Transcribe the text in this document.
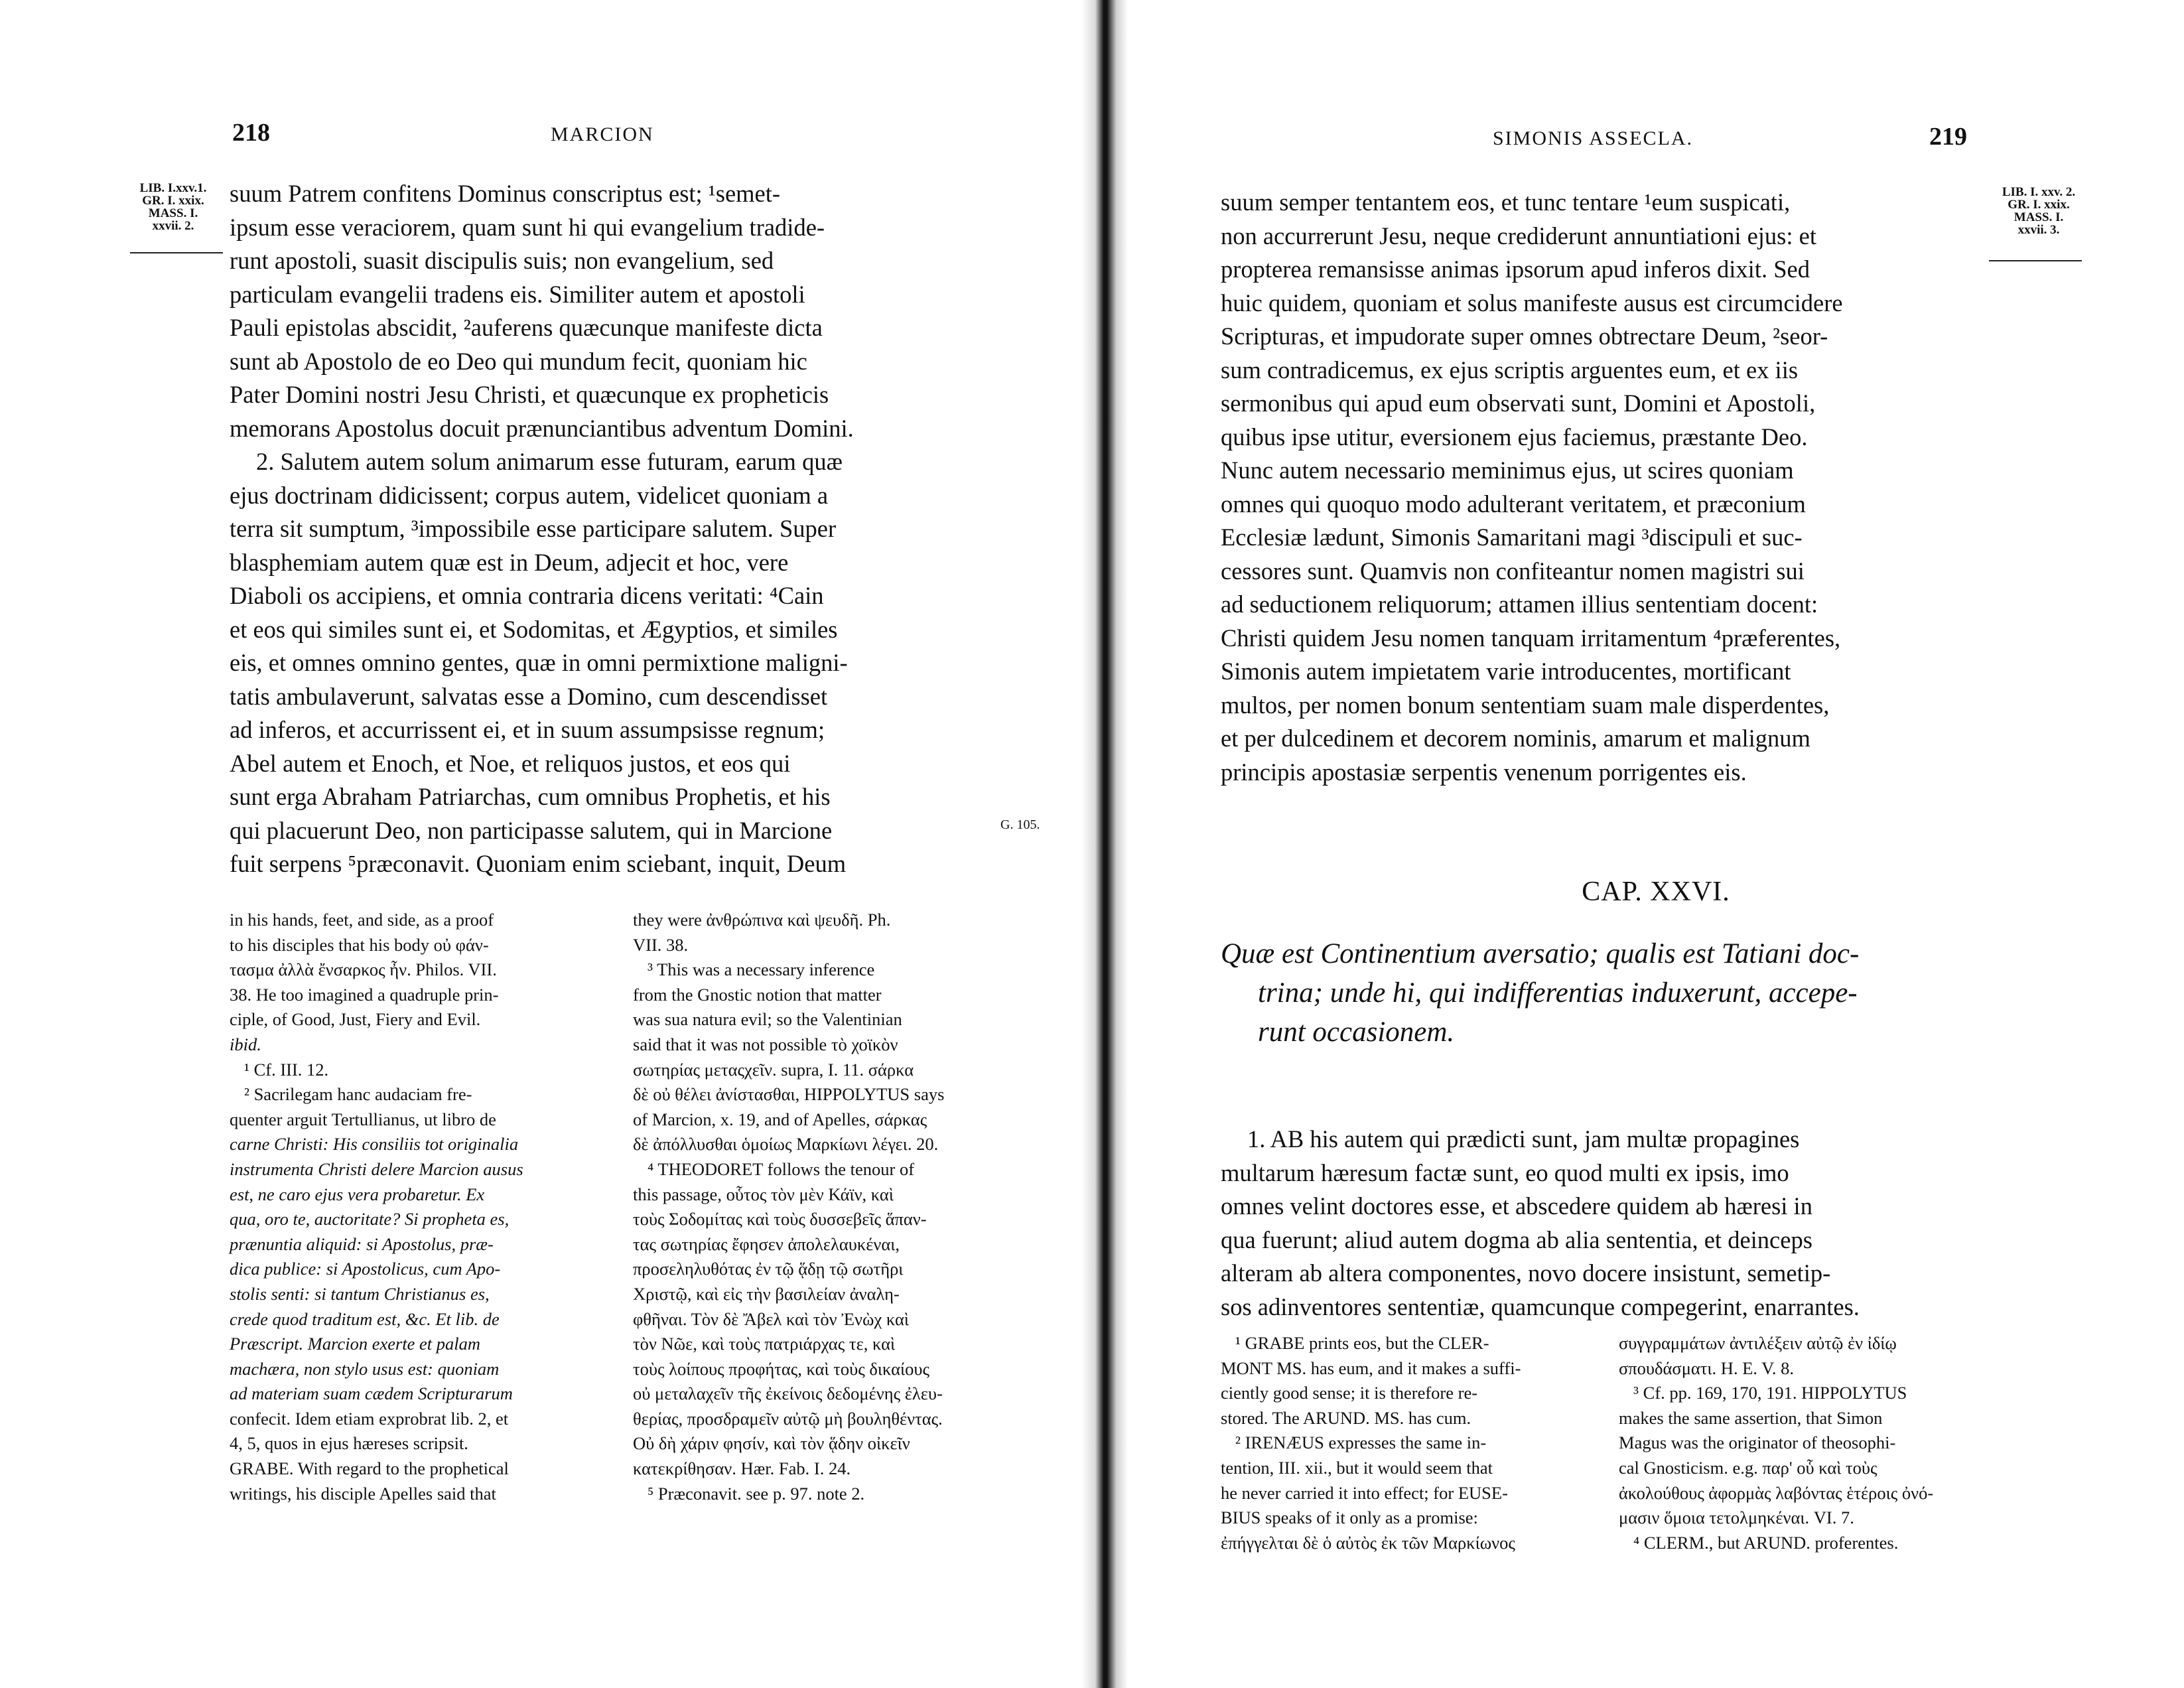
218	MARCION
LIB. I.xxv.1.
GR. I. xxix.
MASS. I.
xxvii. 2.

suum Patrem confitens Dominus conscriptus est; ¹semet-

ipsum esse veraciorem, quam sunt hi qui evangelium tradide-

runt apostoli, suasit discipulis suis; non evangelium, sed

particulam evangelii tradens eis. Similiter autem et apostoli

Pauli epistolas abscidit, ²auferens quæcunque manifeste dicta

sunt ab Apostolo de eo Deo qui mundum fecit, quoniam hic

Pater Domini nostri Jesu Christi, et quæcunque ex propheticis

memorans Apostolus docuit prænunciantibus adventum Domini.

2. Salutem autem solum animarum esse futuram, earum quæ

ejus doctrinam didicissent; corpus autem, videlicet quoniam a

terra sit sumptum, ³impossibile esse participare salutem. Super

blasphemiam autem quæ est in Deum, adjecit et hoc, vere

Diaboli os accipiens, et omnia contraria dicens veritati: ⁴Cain

et eos qui similes sunt ei, et Sodomitas, et Ægyptios, et similes

eis, et omnes omnino gentes, quæ in omni permixtione maligni-

tatis ambulaverunt, salvatas esse a Domino, cum descendisset

ad inferos, et accurrissent ei, et in suum assumpsisse regnum;

Abel autem et Enoch, et Noe, et reliquos justos, et eos qui

sunt erga Abraham Patriarchas, cum omnibus Prophetis, et his

qui placuerunt Deo, non participasse salutem, qui in Marcione

fuit serpens ⁵præconavit. Quoniam enim sciebant, inquit, Deum

G. 105.

in his hands, feet, and side, as a proof

to his disciples that his body οὐ φάν-

τασμα ἀλλὰ ἔνσαρκος ἦν. Philos. VII.

38. He too imagined a quadruple prin-

ciple, of Good, Just, Fiery and Evil.

ibid.

¹ Cf. III. 12.

² Sacrilegam hanc audaciam fre-

quenter arguit Tertullianus, ut libro de

carne Christi: His consiliis tot originalia

instrumenta Christi delere Marcion ausus

est, ne caro ejus vera probaretur. Ex

qua, oro te, auctoritate? Si propheta es,

prænuntia aliquid: si Apostolus, præ-

dica publice: si Apostolicus, cum Apo-

stolis senti: si tantum Christianus es,

crede quod traditum est, &c. Et lib. de

Præscript. Marcion exerte et palam

machæra, non stylo usus est: quoniam

ad materiam suam cædem Scripturarum

confecit. Idem etiam exprobrat lib. 2, et

4, 5, quos in ejus hæreses scripsit.

GRABE. With regard to the prophetical

writings, his disciple Apelles said that

they were ἀνθρώπινα καὶ ψευδῆ. Ph.

VII. 38.

³ This was a necessary inference

from the Gnostic notion that matter

was sua natura evil; so the Valentinian

said that it was not possible τὸ χοϊκὸν

σωτηρίας μεταςχεῖν. supra, I. 11. σάρκα

δὲ οὐ θέλει ἀνίστασθαι, HIPPOLYTUS says

of Marcion, x. 19, and of Apelles, σάρκας

δὲ ἀπόλλυσθαι ὁμοίως Μαρκίωνι λέγει. 20.

⁴ THEODORET follows the tenour of

this passage, οὗτος τὸν μὲν Κάϊν, καὶ

τοὺς Σοδομίτας καὶ τοὺς δυσσεβεῖς ἅπαν-

τας σωτηρίας ἔφησεν ἀπολελαυκέναι,

προσεληλυθότας ἐν τῷ ᾅδῃ τῷ σωτῆρι

Χριστῷ, καὶ εἰς τὴν βασιλείαν ἀναλη-

φθῆναι. Τὸν δὲ Ἄβελ καὶ τὸν Ἐνὼχ καὶ

τὸν Νῶε, καὶ τοὺς πατριάρχας τε, καὶ

τοὺς λοίπους προφήτας, καὶ τοὺς δικαίους

οὐ μεταλαχεῖν τῆς ἐκείνοις δεδομένης ἐλευ-

θερίας, προσδραμεῖν αὐτῷ μὴ βουληθέντας.

Οὐ δὴ χάριν φησίν, καὶ τὸν ᾅδην οἰκεῖν

κατεκρίθησαν. Hær. Fab. I. 24.

⁵ Præconavit. see p. 97. note 2.

SIMONIS ASSECLA.	219
LIB. I. xxv. 2.
GR. I. xxix.
MASS. I.
xxvii. 3.

suum semper tentantem eos, et tunc tentare ¹eum suspicati,

non accurrerunt Jesu, neque crediderunt annuntiationi ejus: et

propterea remansisse animas ipsorum apud inferos dixit. Sed

huic quidem, quoniam et solus manifeste ausus est circumcidere

Scripturas, et impudorate super omnes obtrectare Deum, ²seor-

sum contradicemus, ex ejus scriptis arguentes eum, et ex iis

sermonibus qui apud eum observati sunt, Domini et Apostoli,

quibus ipse utitur, eversionem ejus faciemus, præstante Deo.

Nunc autem necessario meminimus ejus, ut scires quoniam

omnes qui quoquo modo adulterant veritatem, et præconium

Ecclesiæ lædunt, Simonis Samaritani magi ³discipuli et suc-

cessores sunt. Quamvis non confiteantur nomen magistri sui

ad seductionem reliquorum; attamen illius sententiam docent:

Christi quidem Jesu nomen tanquam irritamentum ⁴præferentes,

Simonis autem impietatem varie introducentes, mortificant

multos, per nomen bonum sententiam suam male disperdentes,

et per dulcedinem et decorem nominis, amarum et malignum

principis apostasiæ serpentis venenum porrigentes eis.

CAP. XXVI.
Quæ est Continentium aversatio; qualis est Tatiani doc-
trina; unde hi, qui indifferentias induxerunt, accepe-
runt occasionem.

1. AB his autem qui prædicti sunt, jam multæ propagines

multarum hæresum factæ sunt, eo quod multi ex ipsis, imo

omnes velint doctores esse, et abscedere quidem ab hæresi in

qua fuerunt; aliud autem dogma ab alia sententia, et deinceps

alteram ab altera componentes, novo docere insistunt, semetip-

sos adinventores sententiæ, quamcunque compegerint, enarrantes.

¹ GRABE prints eos, but the CLER-

MONT MS. has eum, and it makes a suffi-

ciently good sense; it is therefore re-

stored. The ARUND. MS. has cum.

² IRENÆUS expresses the same in-

tention, III. xii., but it would seem that

he never carried it into effect; for EUSE-

BIUS speaks of it only as a promise:

ἐπήγγελται δὲ ὁ αὐτὸς ἐκ τῶν Μαρκίωνος

συγγραμμάτων ἀντιλέξειν αὐτῷ ἐν ἰδίῳ

σπουδάσματι. H. E. V. 8.

³ Cf. pp. 169, 170, 191. HIPPOLYTUS

makes the same assertion, that Simon

Magus was the originator of theosophi-

cal Gnosticism. e.g. παρ' οὗ καὶ τοὺς

ἀκολούθους ἀφορμὰς λαβόντας ἑτέροις ὀνό-

μασιν ὅμοια τετολμηκέναι. VI. 7.

⁴ CLERM., but ARUND. proferentes.
